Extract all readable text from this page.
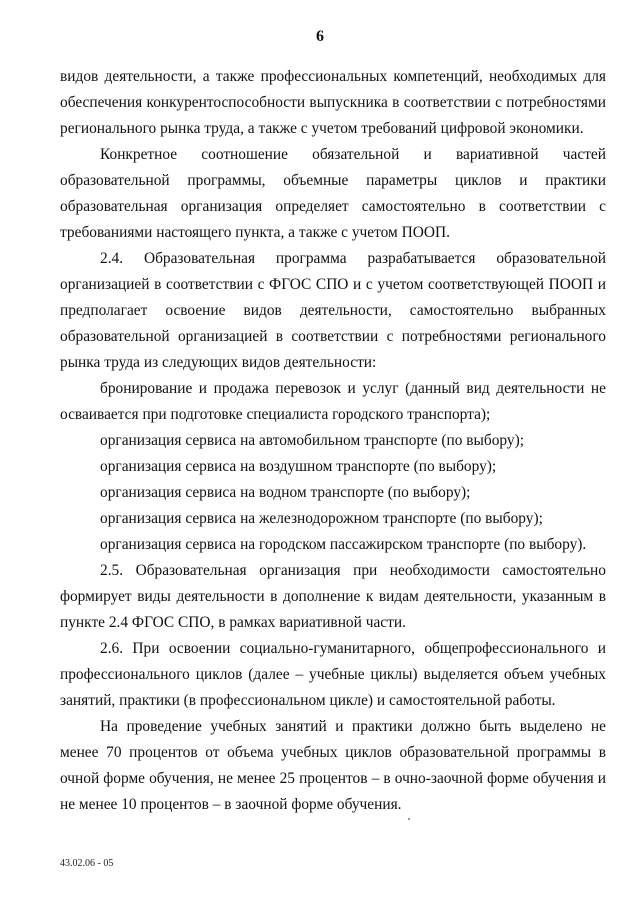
6

видов деятельности, а также профессиональных компетенций, необходимых для обеспечения конкурентоспособности выпускника в соответствии с потребностями регионального рынка труда, а также с учетом требований цифровой экономики.

Конкретное соотношение обязательной и вариативной частей образовательной программы, объемные параметры циклов и практики образовательная организация определяет самостоятельно в соответствии с требованиями настоящего пункта, а также с учетом ПООП.

2.4. Образовательная программа разрабатывается образовательной организацией в соответствии с ФГОС СПО и с учетом соответствующей ПООП и предполагает освоение видов деятельности, самостоятельно выбранных образовательной организацией в соответствии с потребностями регионального рынка труда из следующих видов деятельности:

бронирование и продажа перевозок и услуг (данный вид деятельности не осваивается при подготовке специалиста городского транспорта);

организация сервиса на автомобильном транспорте (по выбору);

организация сервиса на воздушном транспорте (по выбору);

организация сервиса на водном транспорте (по выбору);

организация сервиса на железнодорожном транспорте (по выбору);

организация сервиса на городском пассажирском транспорте (по выбору).

2.5. Образовательная организация при необходимости самостоятельно формирует виды деятельности в дополнение к видам деятельности, указанным в пункте 2.4 ФГОС СПО, в рамках вариативной части.

2.6. При освоении социально-гуманитарного, общепрофессионального и профессионального циклов (далее – учебные циклы) выделяется объем учебных занятий, практики (в профессиональном цикле) и самостоятельной работы.

На проведение учебных занятий и практики должно быть выделено не менее 70 процентов от объема учебных циклов образовательной программы в очной форме обучения, не менее 25 процентов – в очно-заочной форме обучения и не менее 10 процентов – в заочной форме обучения.

43.02.06 - 05
